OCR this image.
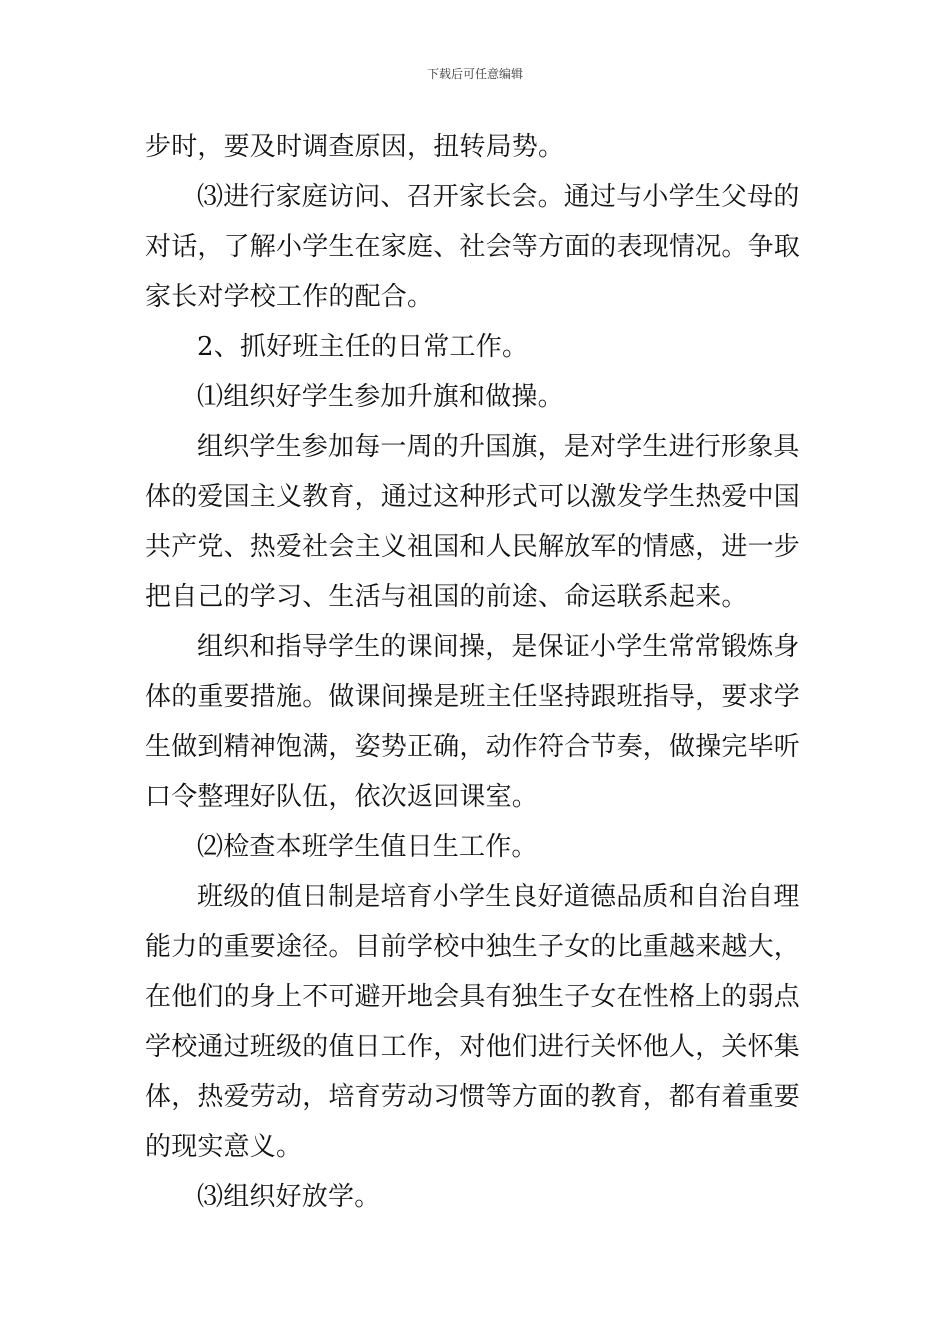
下载后可任意编辑
步时，要及时调查原因，扭转局势。
⑶进行家庭访问、召开家长会。通过与小学生父母的
对话，了解小学生在家庭、社会等方面的表现情况。争取
家长对学校工作的配合。
2、抓好班主任的日常工作。
⑴组织好学生参加升旗和做操。
组织学生参加每一周的升国旗，是对学生进行形象具
体的爱国主义教育，通过这种形式可以激发学生热爱中国
共产党、热爱社会主义祖国和人民解放军的情感，进一步
把自己的学习、生活与祖国的前途、命运联系起来。
组织和指导学生的课间操，是保证小学生常常锻炼身
体的重要措施。做课间操是班主任坚持跟班指导，要求学
生做到精神饱满，姿势正确，动作符合节奏，做操完毕听
口令整理好队伍，依次返回课室。
⑵检查本班学生值日生工作。
班级的值日制是培育小学生良好道德品质和自治自理
能力的重要途径。目前学校中独生子女的比重越来越大，
在他们的身上不可避开地会具有独生子女在性格上的弱点
学校通过班级的值日工作，对他们进行关怀他人，关怀集
体，热爱劳动，培育劳动习惯等方面的教育，都有着重要
的现实意义。
⑶组织好放学。
